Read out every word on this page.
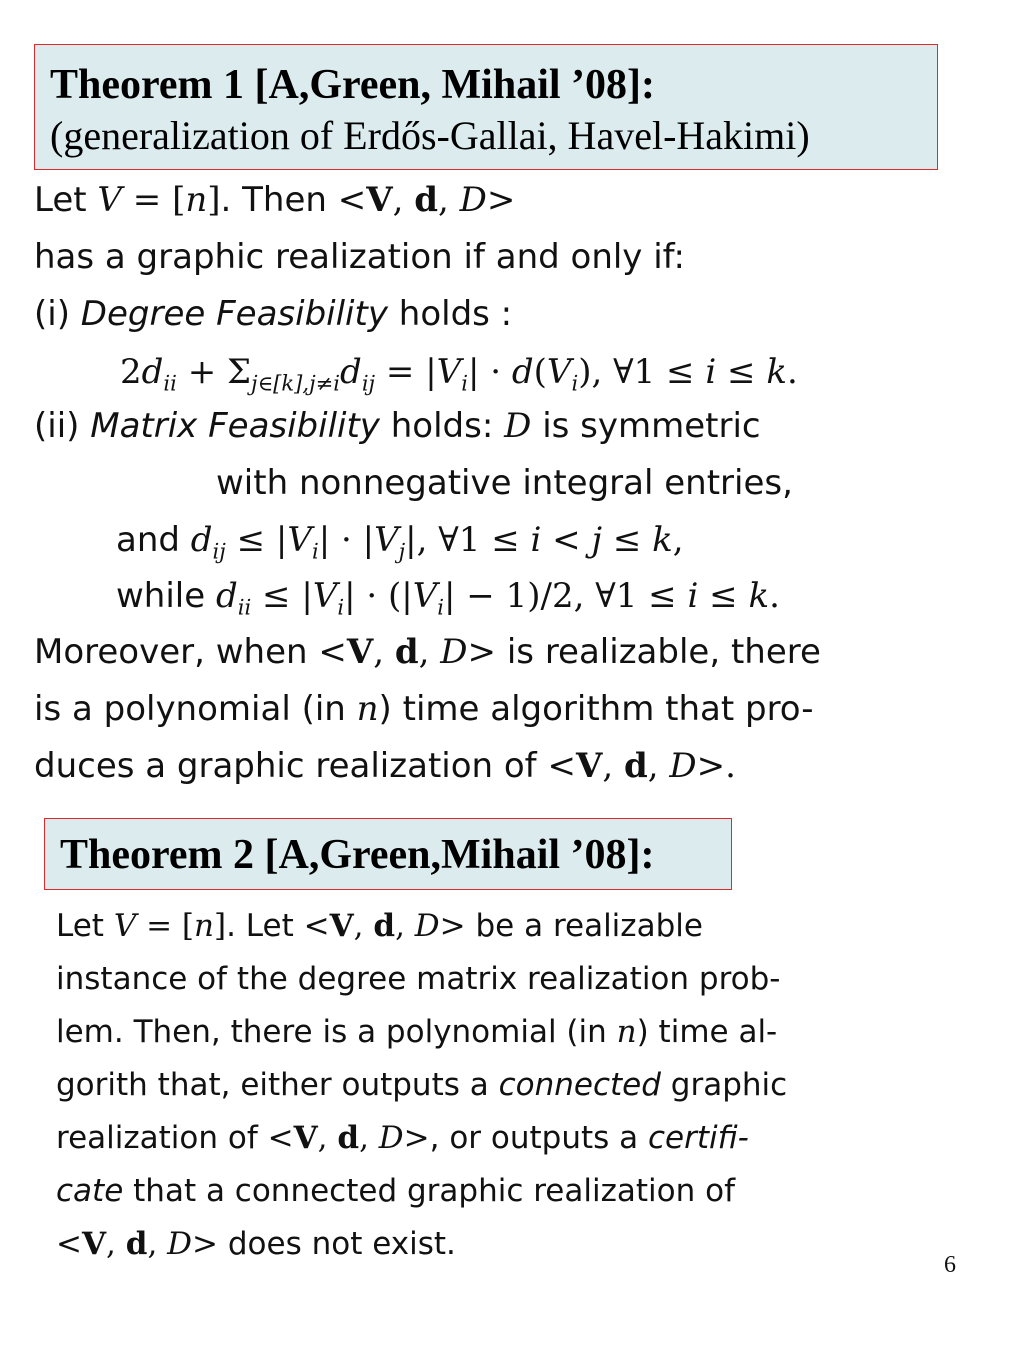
Theorem 1 [A,Green, Mihail ’08]:
(generalization of Erdős-Gallai, Havel-Hakimi)
Let V = [n]. Then <V, d, D>
has a graphic realization if and only if:
(i) Degree Feasibility holds :
$2d_{ii} + \Sigma_{j\in[k],j\ne i}d_{ij} = |V_i| \cdot d(V_i)$, ∀1 ≤ i ≤ k.
(ii) Matrix Feasibility holds: D is symmetric
with nonnegative integral entries,
and $d_{ij} \le |V_i| \cdot |V_j|$, ∀1 ≤ i < j ≤ k,
while $d_{ii} \le |V_i| \cdot (|V_i| - 1)/2$, ∀1 ≤ i ≤ k.
Moreover, when <V, d, D> is realizable, there
is a polynomial (in n) time algorithm that pro-
duces a graphic realization of <V, d, D>.
Theorem 2 [A,Green,Mihail ’08]:
Let V = [n]. Let <V, d, D> be a realizable
instance of the degree matrix realization prob-
lem. Then, there is a polynomial (in n) time al-
gorith that, either outputs a connected graphic
realization of <V, d, D>, or outputs a certifi-
cate that a connected graphic realization of
<V, d, D> does not exist.
6
